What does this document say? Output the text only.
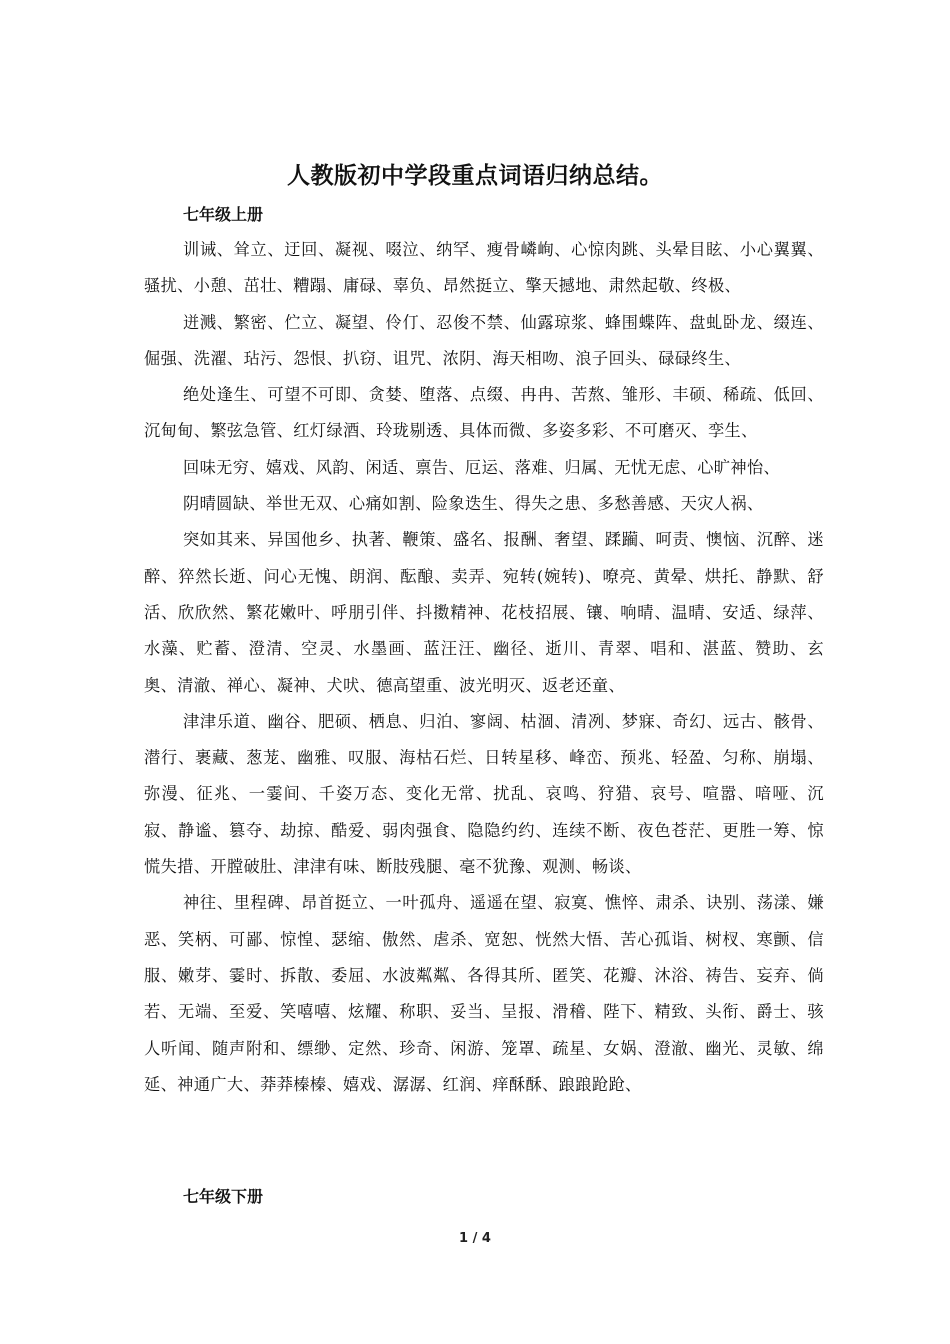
人教版初中学段重点词语归纳总结。
七年级上册

训诫、耸立、迂回、凝视、啜泣、纳罕、瘦骨嶙峋、心惊肉跳、头晕目眩、小心翼翼、骚扰、小憩、茁壮、糟蹋、庸碌、辜负、昂然挺立、擎天撼地、肃然起敬、终极、

迸溅、繁密、伫立、凝望、伶仃、忍俊不禁、仙露琼浆、蜂围蝶阵、盘虬卧龙、缀连、倔强、洗濯、玷污、怨恨、扒窃、诅咒、浓阴、海天相吻、浪子回头、碌碌终生、

绝处逢生、可望不可即、贪婪、堕落、点缀、冉冉、苦熬、雏形、丰硕、稀疏、低回、沉甸甸、繁弦急管、红灯绿酒、玲珑剔透、具体而微、多姿多彩、不可磨灭、孪生、

回味无穷、嬉戏、风韵、闲适、禀告、厄运、落难、归属、无忧无虑、心旷神怡、

阴晴圆缺、举世无双、心痛如割、险象迭生、得失之患、多愁善感、天灾人祸、

突如其来、异国他乡、执著、鞭策、盛名、报酬、奢望、蹂躏、呵责、懊恼、沉醉、迷醉、猝然长逝、问心无愧、朗润、酝酿、卖弄、宛转(婉转)、嘹亮、黄晕、烘托、静默、舒活、欣欣然、繁花嫩叶、呼朋引伴、抖擞精神、花枝招展、镶、响晴、温晴、安适、绿萍、水藻、贮蓄、澄清、空灵、水墨画、蓝汪汪、幽径、逝川、青翠、唱和、湛蓝、赞助、玄奥、清澈、禅心、凝神、犬吠、德高望重、波光明灭、返老还童、

津津乐道、幽谷、肥硕、栖息、归泊、寥阔、枯涸、清冽、梦寐、奇幻、远古、骸骨、潜行、裹藏、葱茏、幽雅、叹服、海枯石烂、日转星移、峰峦、预兆、轻盈、匀称、崩塌、弥漫、征兆、一霎间、千姿万态、变化无常、扰乱、哀鸣、狩猎、哀号、喧嚣、喑哑、沉寂、静谧、篡夺、劫掠、酷爱、弱肉强食、隐隐约约、连续不断、夜色苍茫、更胜一筹、惊慌失措、开膛破肚、津津有味、断肢残腿、毫不犹豫、观测、畅谈、

神往、里程碑、昂首挺立、一叶孤舟、遥遥在望、寂寞、憔悴、肃杀、诀别、荡漾、嫌恶、笑柄、可鄙、惊惶、瑟缩、傲然、虐杀、宽恕、恍然大悟、苦心孤诣、树杈、寒颤、信服、嫩芽、霎时、拆散、委屈、水波粼粼、各得其所、匿笑、花瓣、沐浴、祷告、妄弃、倘若、无端、至爱、笑嘻嘻、炫耀、称职、妥当、呈报、滑稽、陛下、精致、头衔、爵士、骇人听闻、随声附和、缥缈、定然、珍奇、闲游、笼罩、疏星、女娲、澄澈、幽光、灵敏、绵延、神通广大、莽莽榛榛、嬉戏、潺潺、红润、痒酥酥、踉踉跄跄、

七年级下册
1 / 4
